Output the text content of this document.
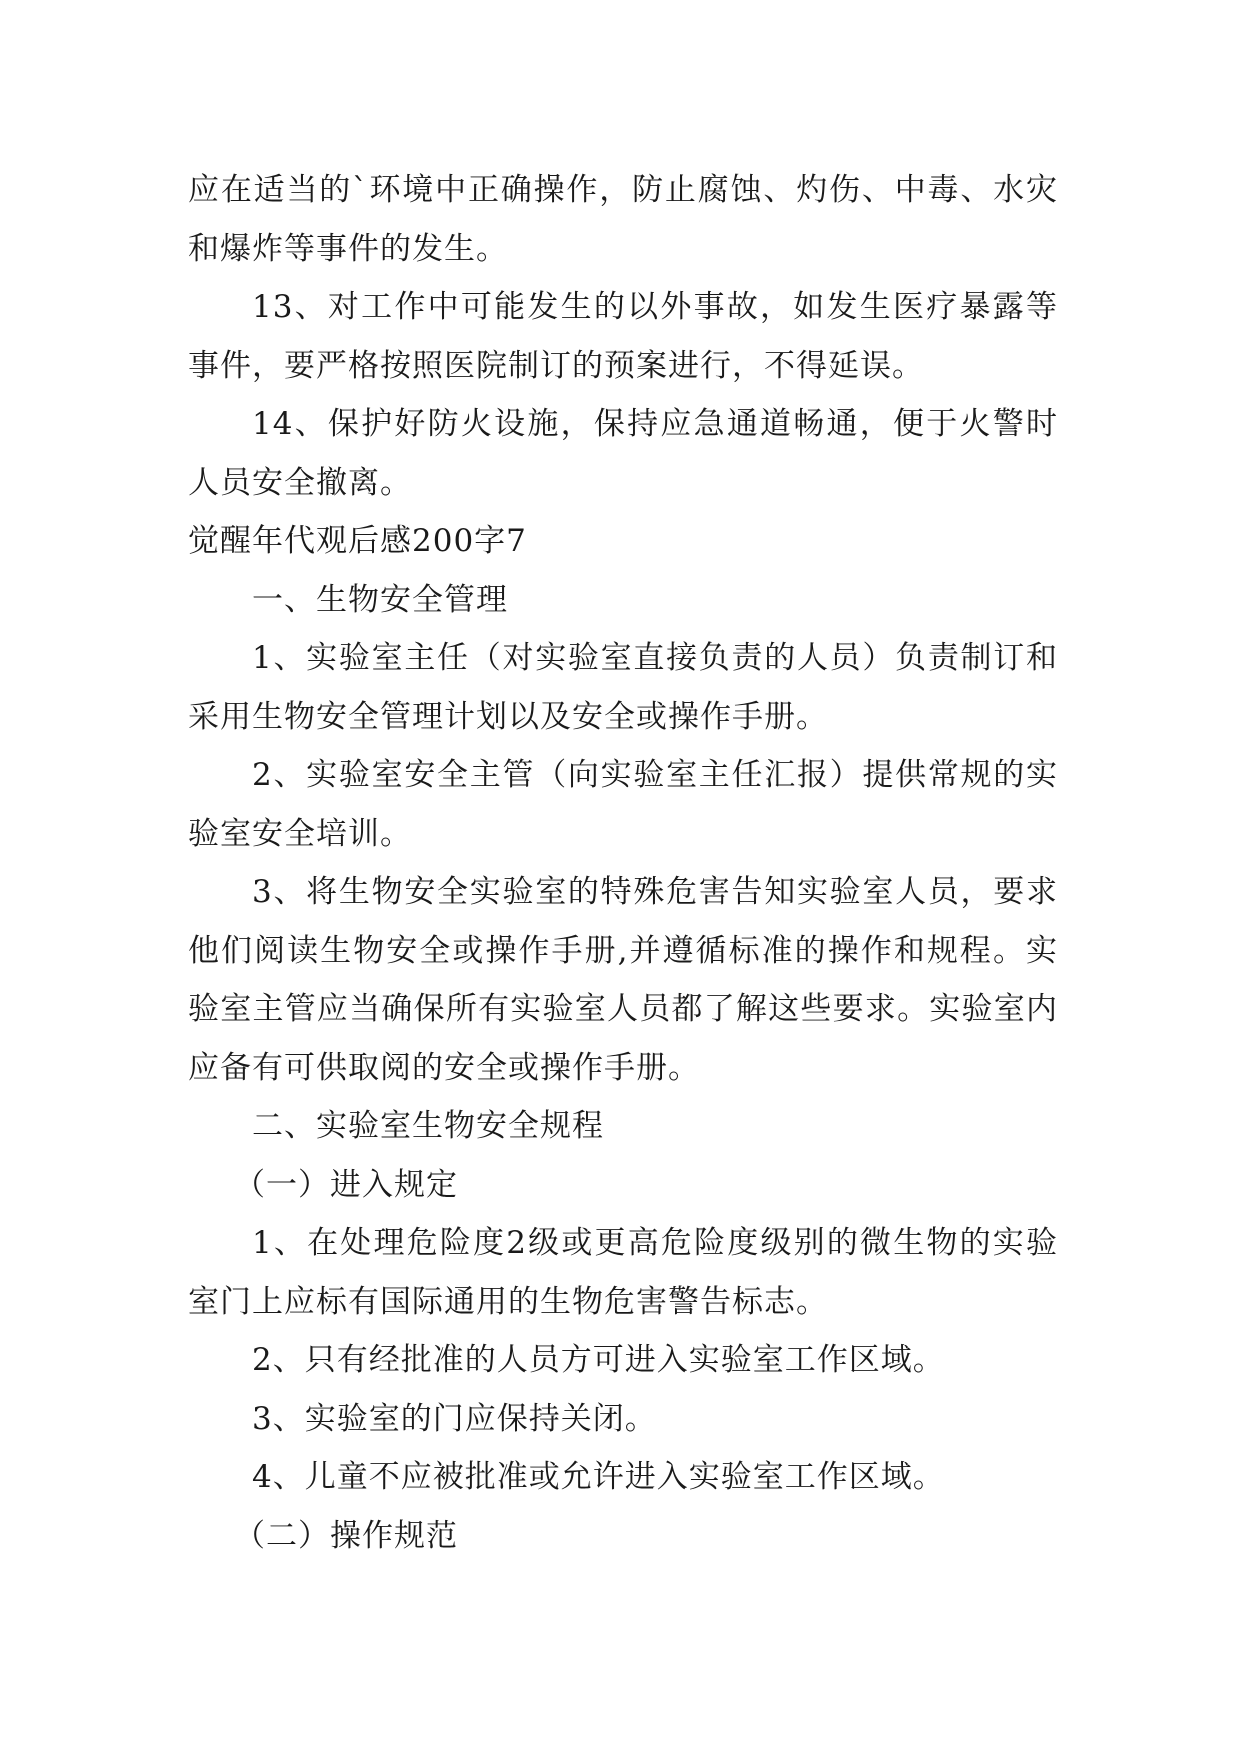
应在适当的`环境中正确操作，防止腐蚀、灼伤、中毒、水灾和爆炸等事件的发生。

13、对工作中可能发生的以外事故，如发生医疗暴露等事件，要严格按照医院制订的预案进行，不得延误。

14、保护好防火设施，保持应急通道畅通，便于火警时人员安全撤离。

觉醒年代观后感200字7

一、生物安全管理

1、实验室主任（对实验室直接负责的人员）负责制订和采用生物安全管理计划以及安全或操作手册。

2、实验室安全主管（向实验室主任汇报）提供常规的实验室安全培训。

3、将生物安全实验室的特殊危害告知实验室人员，要求他们阅读生物安全或操作手册,并遵循标准的操作和规程。实验室主管应当确保所有实验室人员都了解这些要求。实验室内应备有可供取阅的安全或操作手册。

二、实验室生物安全规程

（一）进入规定

1、在处理危险度2级或更高危险度级别的微生物的实验室门上应标有国际通用的生物危害警告标志。

2、只有经批准的人员方可进入实验室工作区域。

3、实验室的门应保持关闭。

4、儿童不应被批准或允许进入实验室工作区域。

（二）操作规范
